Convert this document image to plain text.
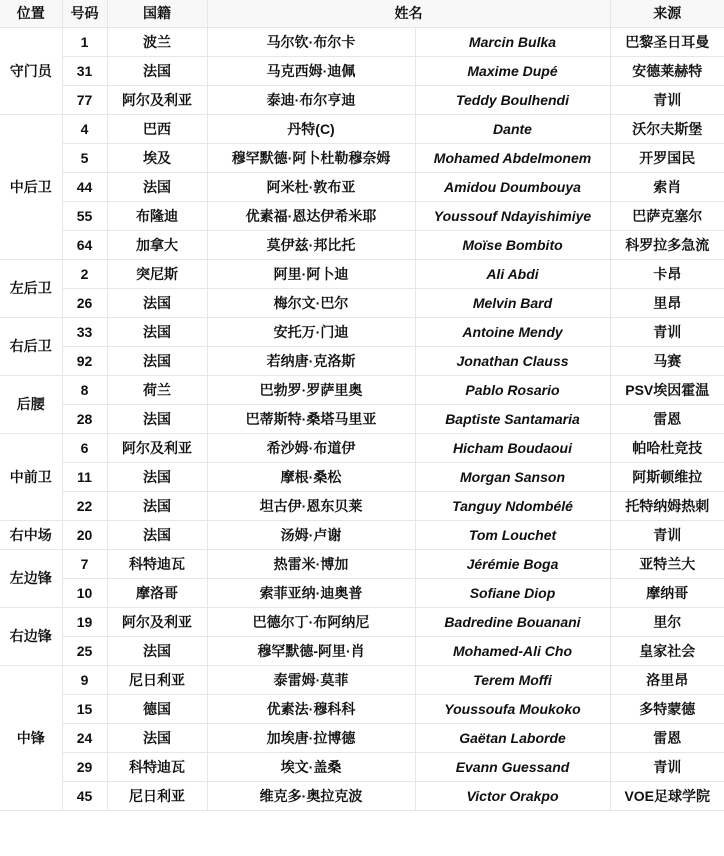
位置	号码	国籍	姓名		来源
守门员	1	波兰	马尔钦·布尔卡	Marcin Bulka	巴黎圣日耳曼
	31	法国	马克西姆·迪佩	Maxime Dupé	安德莱赫特
	77	阿尔及利亚	泰迪·布尔亨迪	Teddy Boulhendi	青训
中后卫	4	巴西	丹特(C)	Dante	沃尔夫斯堡
	5	埃及	穆罕默德·阿卜杜勒穆奈姆	Mohamed Abdelmonem	开罗国民
	44	法国	阿米杜·敦布亚	Amidou Doumbouya	索肖
	55	布隆迪	优素福·恩达伊希米耶	Youssouf Ndayishimiye	巴萨克塞尔
	64	加拿大	莫伊兹·邦比托	Moïse Bombito	科罗拉多急流
左后卫	2	突尼斯	阿里·阿卜迪	Ali Abdi	卡昂
	26	法国	梅尔文·巴尔	Melvin Bard	里昂
右后卫	33	法国	安托万·门迪	Antoine Mendy	青训
	92	法国	若纳唐·克洛斯	Jonathan Clauss	马赛
后腰	8	荷兰	巴勃罗·罗萨里奥	Pablo Rosario	PSV埃因霍温
	28	法国	巴蒂斯特·桑塔马里亚	Baptiste Santamaria	雷恩
中前卫	6	阿尔及利亚	希沙姆·布道伊	Hicham Boudaoui	帕哈杜竞技
	11	法国	摩根·桑松	Morgan Sanson	阿斯顿维拉
	22	法国	坦古伊·恩东贝莱	Tanguy Ndombélé	托特纳姆热刺
右中场	20	法国	汤姆·卢谢	Tom Louchet	青训
左边锋	7	科特迪瓦	热雷米·博加	Jérémie Boga	亚特兰大
	10	摩洛哥	索菲亚纳·迪奥普	Sofiane Diop	摩纳哥
右边锋	19	阿尔及利亚	巴德尔丁·布阿纳尼	Badredine Bouanani	里尔
	25	法国	穆罕默德-阿里·肖	Mohamed-Ali Cho	皇家社会
中锋	9	尼日利亚	泰雷姆·莫菲	Terem Moffi	洛里昂
	15	德国	优素法·穆科科	Youssoufa Moukoko	多特蒙德
	24	法国	加埃唐·拉博德	Gaëtan Laborde	雷恩
	29	科特迪瓦	埃文·盖桑	Evann Guessand	青训
	45	尼日利亚	维克多·奥拉克波	Victor Orakpo	VOE足球学院
